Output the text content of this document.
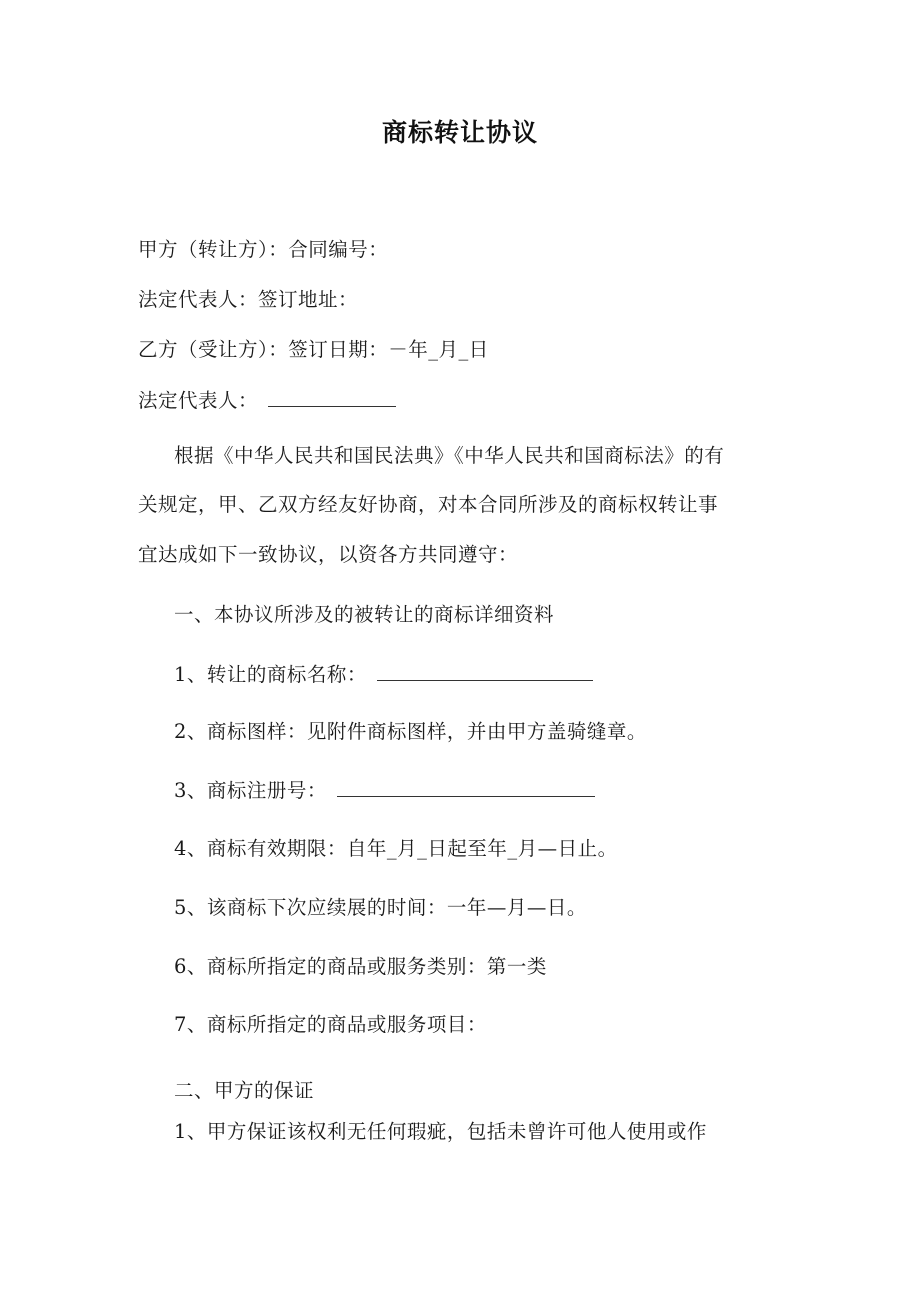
商标转让协议
甲方（转让方）：合同编号：
法定代表人：签订地址：
乙方（受让方）：签订日期：－年_月_日
法定代表人：
根据《中华人民共和国民法典》《中华人民共和国商标法》的有
关规定，甲、乙双方经友好协商，对本合同所涉及的商标权转让事
宜达成如下一致协议，以资各方共同遵守：
一、本协议所涉及的被转让的商标详细资料
1、转让的商标名称：
2、商标图样：见附件商标图样，并由甲方盖骑缝章。
3、商标注册号：
4、商标有效期限：自年_月_日起至年_月—日止。
5、该商标下次应续展的时间：一年—月—日。
6、商标所指定的商品或服务类别：第一类
7、商标所指定的商品或服务项目：
二、甲方的保证
1、甲方保证该权利无任何瑕疵，包括未曾许可他人使用或作
